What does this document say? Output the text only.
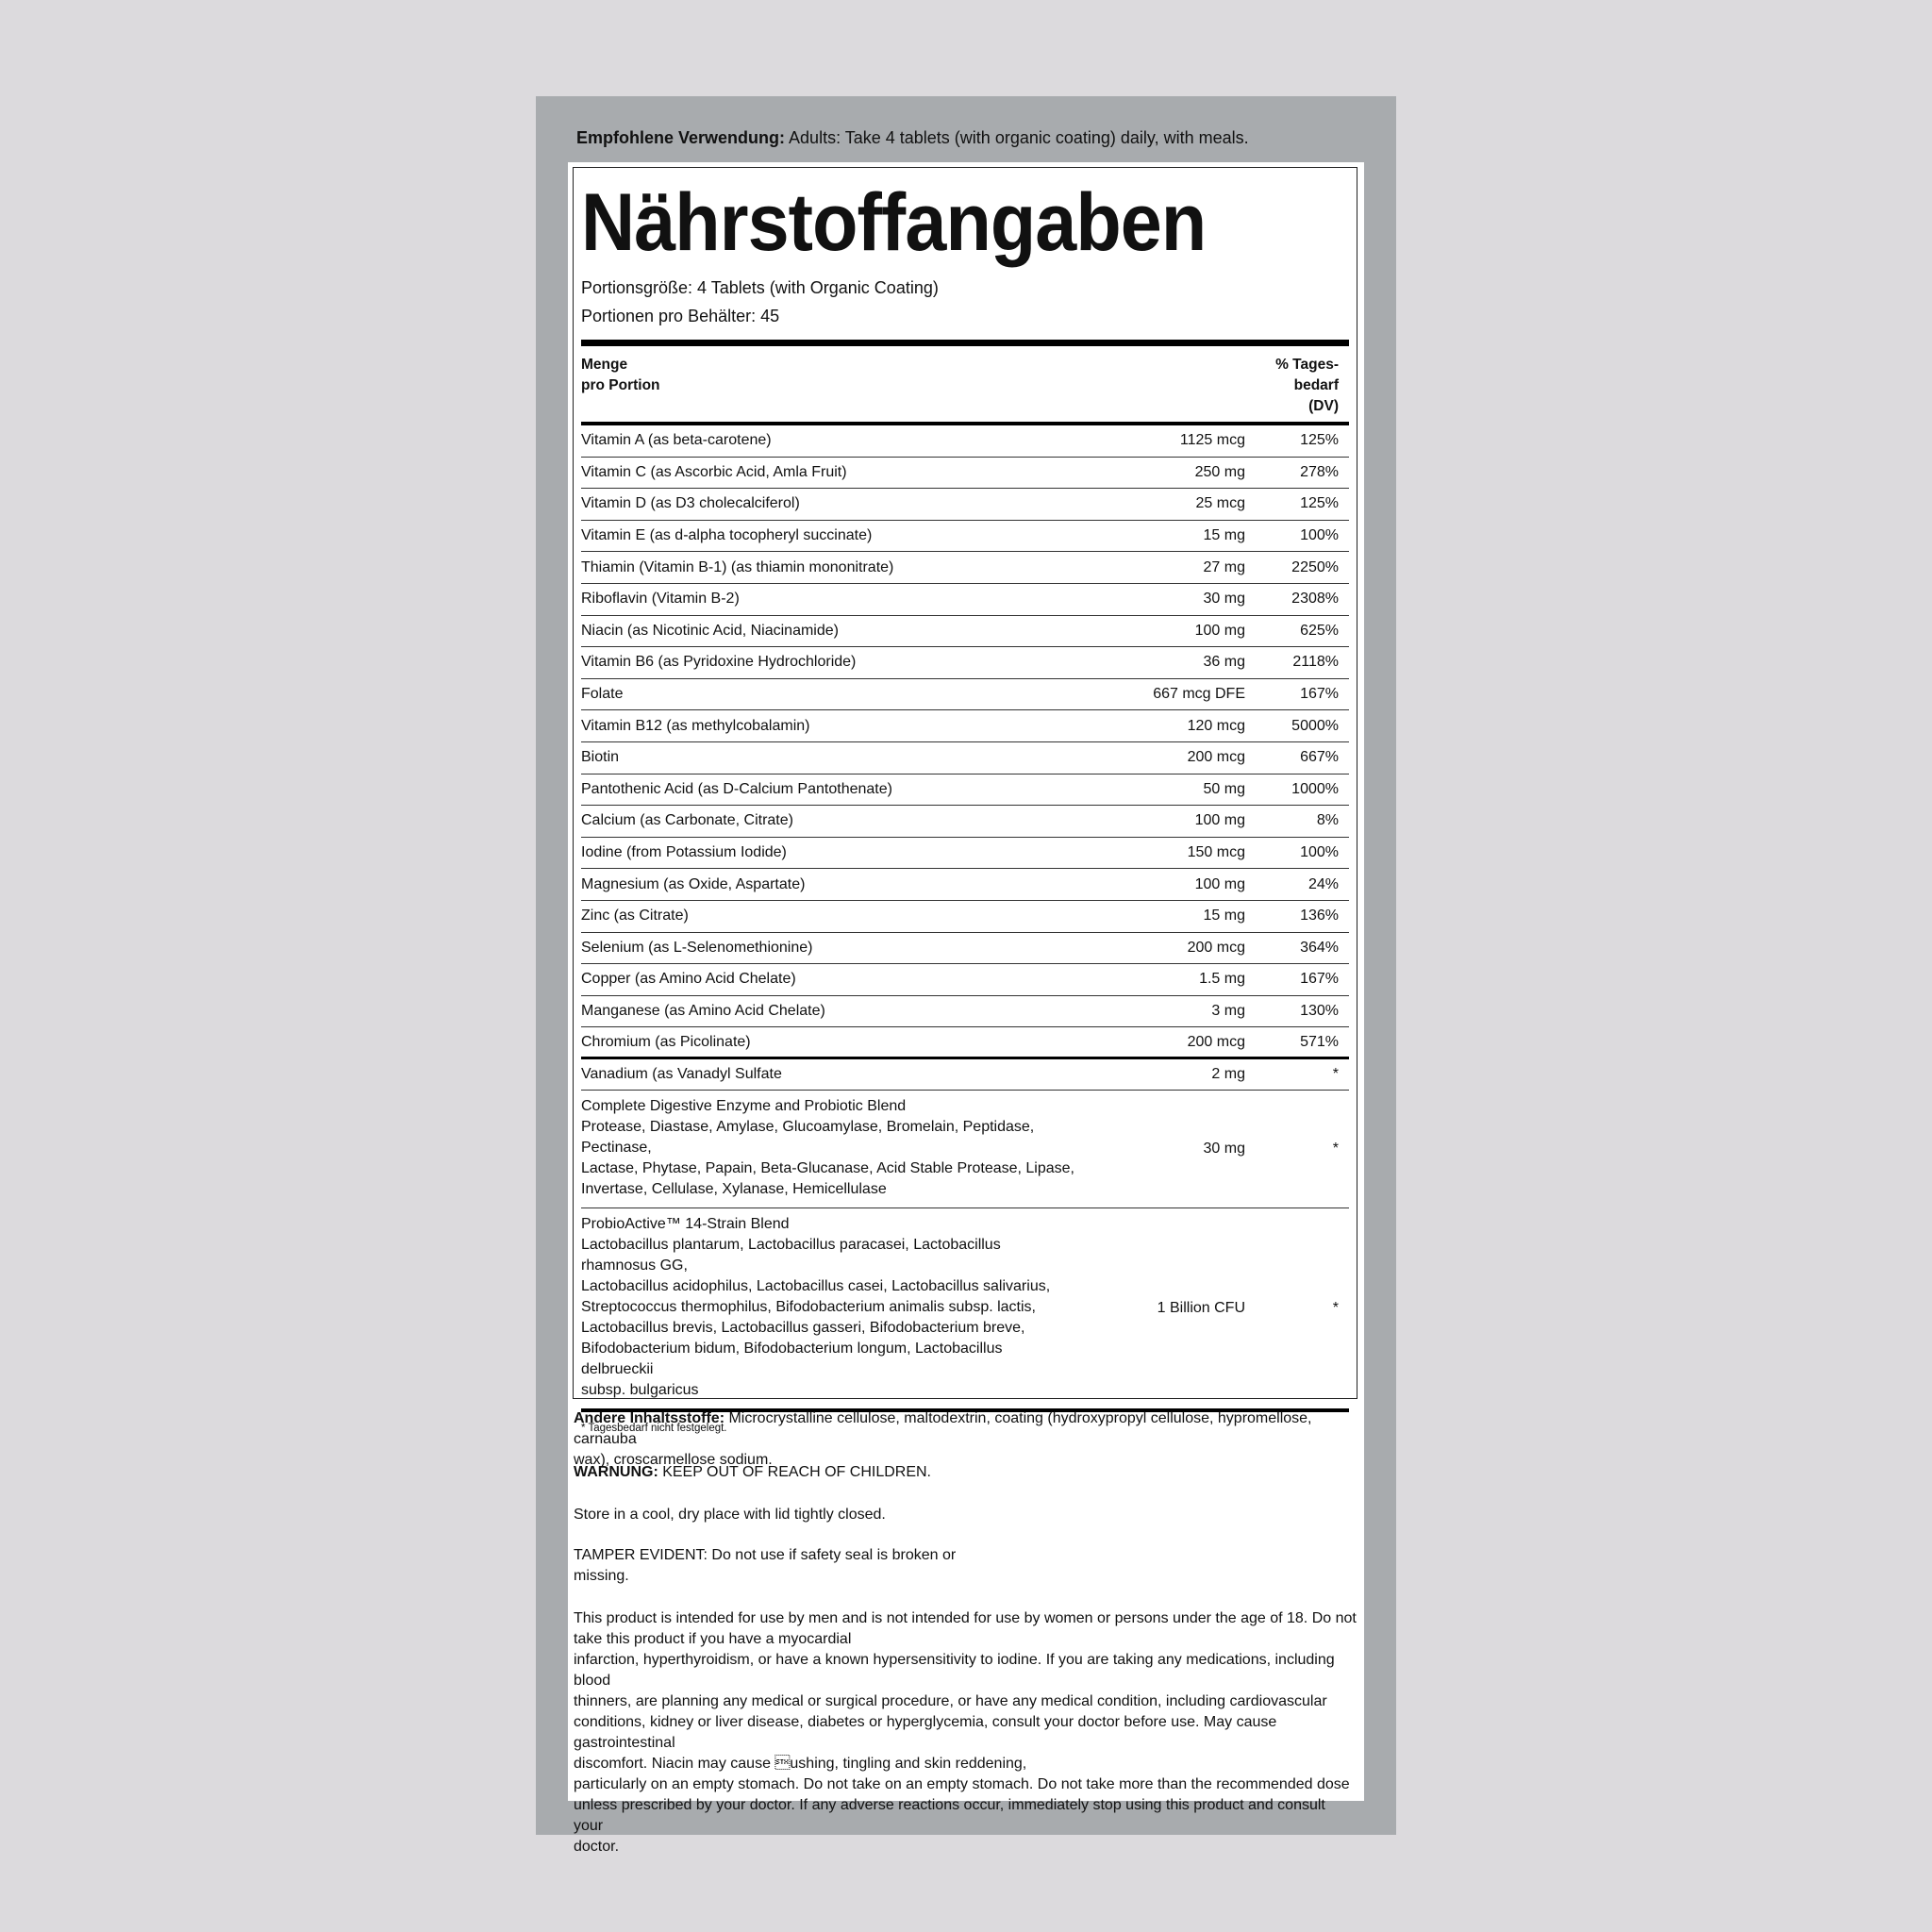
Empfohlene Verwendung: Adults: Take 4 tablets (with organic coating) daily, with meals.
Nährstoffangaben
Portionsgröße: 4 Tablets (with Organic Coating)
Portionen pro Behälter: 45
Menge
pro Portion
% Tages-
bedarf
(DV)
Vitamin A (as beta-carotene)	1125 mcg	125%
Vitamin C (as Ascorbic Acid, Amla Fruit)	250 mg	278%
Vitamin D (as D3 cholecalciferol)	25 mcg	125%
Vitamin E (as d-alpha tocopheryl succinate)	15 mg	100%
Thiamin (Vitamin B-1) (as thiamin mononitrate)	27 mg	2250%
Riboflavin (Vitamin B-2)	30 mg	2308%
Niacin (as Nicotinic Acid, Niacinamide)	100 mg	625%
Vitamin B6 (as Pyridoxine Hydrochloride)	36 mg	2118%
Folate	667 mcg DFE	167%
Vitamin B12 (as methylcobalamin)	120 mcg	5000%
Biotin	200 mcg	667%
Pantothenic Acid (as D-Calcium Pantothenate)	50 mg	1000%
Calcium (as Carbonate, Citrate)	100 mg	8%
Iodine (from Potassium Iodide)	150 mcg	100%
Magnesium (as Oxide, Aspartate)	100 mg	24%
Zinc (as Citrate)	15 mg	136%
Selenium (as L-Selenomethionine)	200 mcg	364%
Copper (as Amino Acid Chelate)	1.5 mg	167%
Manganese (as Amino Acid Chelate)	3 mg	130%
Chromium (as Picolinate)	200 mcg	571%
Vanadium (as Vanadyl Sulfate	2 mg	*
Complete Digestive Enzyme and Probiotic Blend
Protease, Diastase, Amylase, Glucoamylase, Bromelain, Peptidase, Pectinase,
Lactase, Phytase, Papain, Beta-Glucanase, Acid Stable Protease, Lipase,
Invertase, Cellulase, Xylanase, Hemicellulase
30 mg	*
ProbioActive™ 14-Strain Blend
Lactobacillus plantarum, Lactobacillus paracasei, Lactobacillus rhamnosus GG,
Lactobacillus acidophilus, Lactobacillus casei, Lactobacillus salivarius,
Streptococcus thermophilus, Bifodobacterium animalis subsp. lactis,
Lactobacillus brevis, Lactobacillus gasseri, Bifodobacterium breve,
Bifodobacterium bidum, Bifodobacterium longum, Lactobacillus delbrueckii
subsp. bulgaricus
1 Billion CFU	*
* Tagesbedarf nicht festgelegt.

Andere Inhaltsstoffe: Microcrystalline cellulose, maltodextrin, coating (hydroxypropyl cellulose, hypromellose, carnauba

wax), croscarmellose sodium.

WARNUNG: KEEP OUT OF REACH OF CHILDREN.

Store in a cool, dry place with lid tightly closed.

TAMPER EVIDENT: Do not use if safety seal is broken or

missing.

This product is intended for use by men and is not intended for use by women or persons under the age of 18. Do not

take this product if you have a myocardial

infarction, hyperthyroidism, or have a known hypersensitivity to iodine. If you are taking any medications, including blood

thinners, are planning any medical or surgical procedure, or have any medical condition, including cardiovascular

conditions, kidney or liver disease, diabetes or hyperglycemia, consult your doctor before use. May cause gastrointestinal

discomfort. Niacin may cause ushing, tingling and skin reddening,

particularly on an empty stomach. Do not take on an empty stomach. Do not take more than the recommended dose

unless prescribed by your doctor. If any adverse reactions occur, immediately stop using this product and consult your

doctor.
